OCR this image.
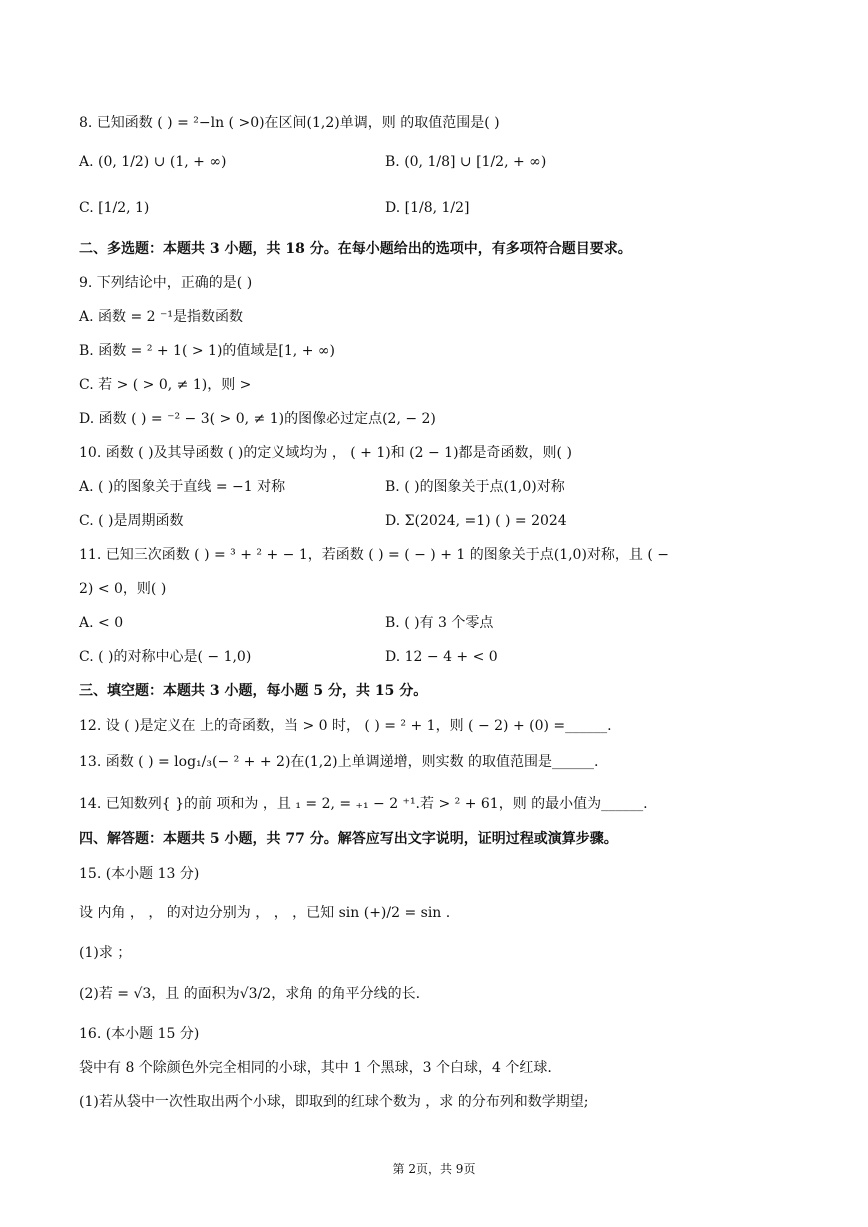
8. 已知函数 ( ) = ²−ln ( >0)在区间(1,2)单调，则 的取值范围是( )
A. (0, 1/2) ∪ (1, + ∞)	B. (0, 1/8] ∪ [1/2, + ∞)
C. [1/2, 1)	D. [1/8, 1/2]
二、多选题：本题共 3 小题，共 18 分。在每小题给出的选项中，有多项符合题目要求。
9. 下列结论中，正确的是( )
A. 函数 = 2 ⁻¹是指数函数
B. 函数 = ² + 1( > 1)的值域是[1, + ∞)
C. 若 > ( > 0, ≠ 1)，则 >
D. 函数 ( ) = ⁻² − 3( > 0, ≠ 1)的图像必过定点(2, − 2)
10. 函数 ( )及其导函数 ( )的定义域均为 ， ( + 1)和 (2 − 1)都是奇函数，则( )
A. ( )的图象关于直线 = −1 对称	B. ( )的图象关于点(1,0)对称
C. ( )是周期函数	D. Σ(2024, =1) ( ) = 2024
11. 已知三次函数 ( ) = ³ + ² + − 1，若函数 ( ) = ( − ) + 1 的图象关于点(1,0)对称，且 ( −
2) < 0，则( )
A. < 0	B. ( )有 3 个零点
C. ( )的对称中心是( − 1,0)	D. 12 − 4 + < 0
三、填空题：本题共 3 小题，每小题 5 分，共 15 分。
12. 设 ( )是定义在 上的奇函数，当 > 0 时， ( ) = ² + 1，则 ( − 2) + (0) =______.
13. 函数 ( ) = log₁/₃(− ² + + 2)在(1,2)上单调递增，则实数 的取值范围是______.
14. 已知数列{ }的前 项和为 ，且 ₁ = 2, = ₊₁ − 2 ⁺¹.若 > ² + 61，则 的最小值为______.
四、解答题：本题共 5 小题，共 77 分。解答应写出文字说明，证明过程或演算步骤。
15. (本小题 13 分)
设 内角 ， ， 的对边分别为 ， ， ，已知 sin (+)/2 = sin .
(1)求 ；
(2)若 = √3，且 的面积为√3/2，求角 的角平分线的长.
16. (本小题 15 分)
袋中有 8 个除颜色外完全相同的小球，其中 1 个黑球，3 个白球，4 个红球.
(1)若从袋中一次性取出两个小球，即取到的红球个数为 ，求 的分布列和数学期望;
第 2页，共 9页
